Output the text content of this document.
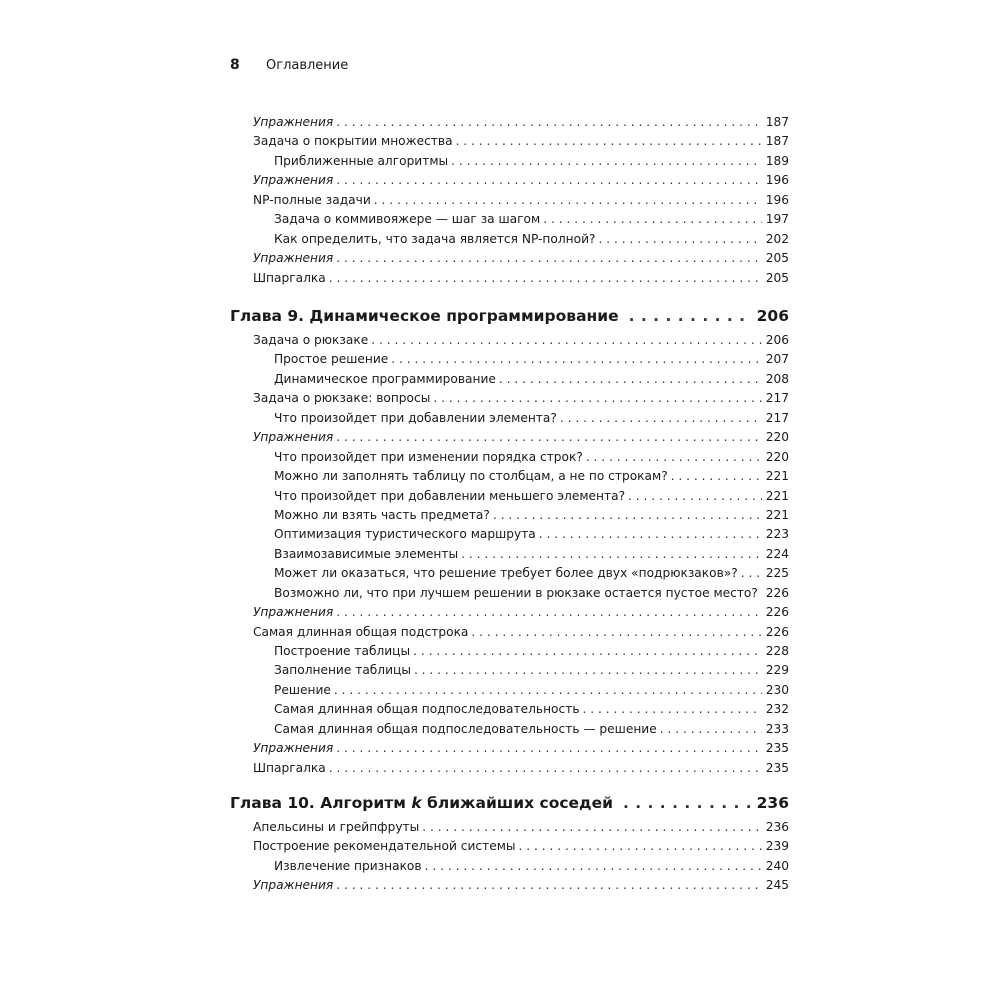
8	Оглавление
Упражнения . . .	187
Задача о покрытии множества . . .	187
Приближенные алгоритмы . . .	189
Упражнения . . .	196
NP-полные задачи . . .	196
Задача о коммивояжере — шаг за шагом . . .	197
Как определить, что задача является NP-полной? . . .	202
Упражнения . . .	205
Шпаргалка . . .	205
Глава 9. Динамическое программирование . . .	206
Задача о рюкзаке . . .	206
Простое решение . . .	207
Динамическое программирование . . .	208
Задача о рюкзаке: вопросы . . .	217
Что произойдет при добавлении элемента? . . .	217
Упражнения . . .	220
Что произойдет при изменении порядка строк? . . .	220
Можно ли заполнять таблицу по столбцам, а не по строкам? . . .	221
Что произойдет при добавлении меньшего элемента? . . .	221
Можно ли взять часть предмета? . . .	221
Оптимизация туристического маршрута . . .	223
Взаимозависимые элементы . . .	224
Может ли оказаться, что решение требует более двух «подрюкзаков»? . . .	225
Возможно ли, что при лучшем решении в рюкзаке остается пустое место? . . . 226
Упражнения . . .	226
Самая длинная общая подстрока . . .	226
Построение таблицы . . .	228
Заполнение таблицы . . .	229
Решение . . .	230
Самая длинная общая подпоследовательность . . .	232
Самая длинная общая подпоследовательность — решение . . .	233
Упражнения . . .	235
Шпаргалка . . .	235
Глава 10. Алгоритм k ближайших соседей . . .	236
Апельсины и грейпфруты . . .	236
Построение рекомендательной системы . . .	239
Извлечение признаков . . .	240
Упражнения . . .	245
